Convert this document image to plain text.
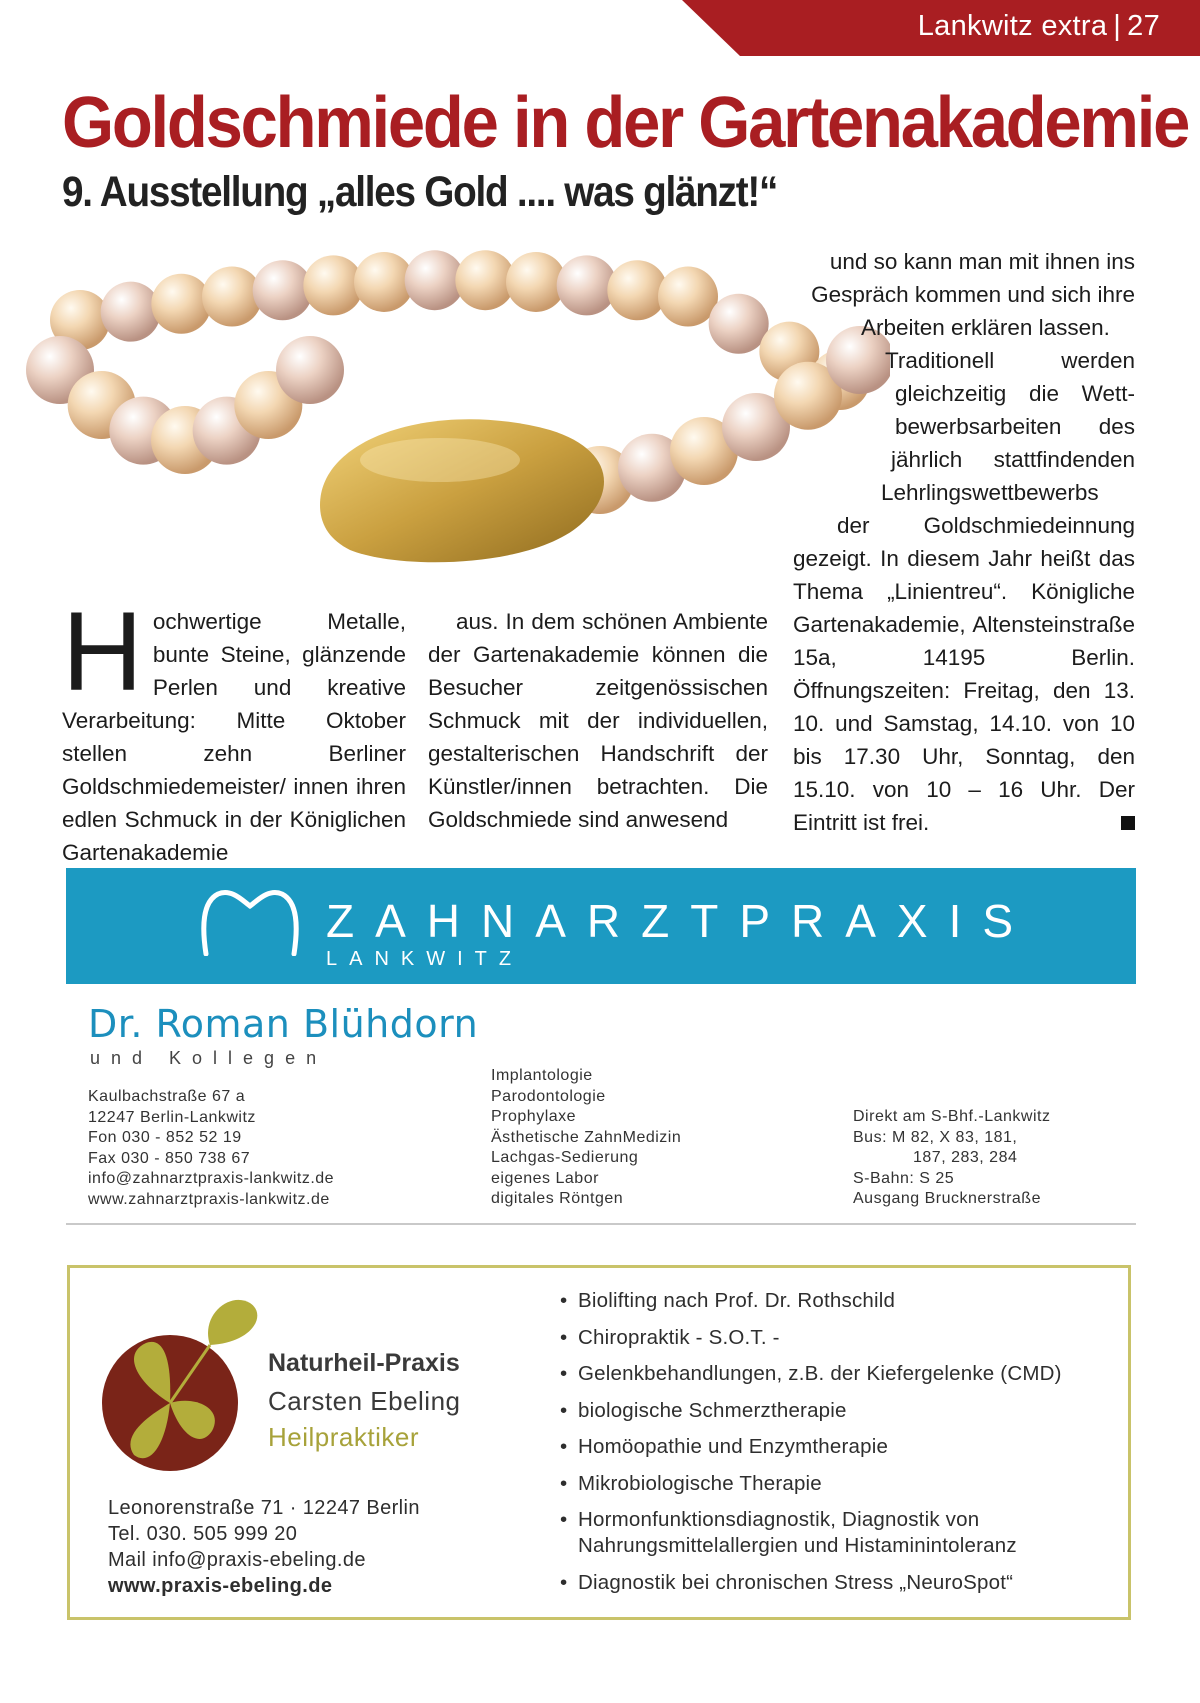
Lankwitz extra | 27
Goldschmiede in der Gartenakademie
9. Ausstellung „alles Gold .... was glänzt!“
Hochwertige Metalle, bunte Steine, glänzende Perlen und kreative Verarbeitung: Mitte Oktober stellen zehn Berliner Goldschmiedemeister/ innen ihren edlen Schmuck in der Königlichen Gartenakademie
aus. In dem schönen Ambiente der Gartenakademie können die Besucher zeitgenössischen Schmuck mit der individuellen, gestalterischen Handschrift der Künstler/innen betrachten. Die Goldschmiede sind anwesend
und so kann man mit ihnen ins
Gespräch kommen und sich ihre
Arbeiten erklären lassen.
Traditionell werden
gleichzeitig die Wett-
bewerbsarbeiten des
jährlich stattfindenden
Lehrlingswettbewerbs
der Goldschmiedeinnung
gezeigt. In diesem Jahr heißt das Thema „Linientreu“. Königliche Gartenakademie, Altensteinstraße 15a, 14195 Berlin. Öffnungszeiten: Freitag, den 13. 10. und Samstag, 14.10. von 10 bis 17.30 Uhr, Sonntag, den 15.10. von 10 – 16 Uhr. Der Eintritt ist frei.
ZAHNARZTPRAXIS
LANKWITZ
Dr. Roman Blühdorn
und Kollegen
Kaulbachstraße 67 a
12247 Berlin-Lankwitz
Fon 030 - 852 52 19
Fax 030 - 850 738 67
info@zahnarztpraxis-lankwitz.de
www.zahnarztpraxis-lankwitz.de
Implantologie
Parodontologie
Prophylaxe
Ästhetische ZahnMedizin
Lachgas-Sedierung
eigenes Labor
digitales Röntgen
Direkt am S-Bhf.-Lankwitz
Bus: M 82, X 83, 181,
187, 283, 284
S-Bahn: S 25
Ausgang Brucknerstraße
Naturheil-Praxis
Carsten Ebeling
Heilpraktiker
Leonorenstraße 71 · 12247 Berlin
Tel. 030. 505 999 20
Mail info@praxis-ebeling.de
www.praxis-ebeling.de
• Biolifting nach Prof. Dr. Rothschild
• Chiropraktik - S.O.T. -
• Gelenkbehandlungen, z.B. der Kiefergelenke (CMD)
• biologische Schmerztherapie
• Homöopathie und Enzymtherapie
• Mikrobiologische Therapie
• Hormonfunktionsdiagnostik, Diagnostik von Nahrungsmittelallergien und Histaminintoleranz
• Diagnostik bei chronischen Stress „NeuroSpot“
